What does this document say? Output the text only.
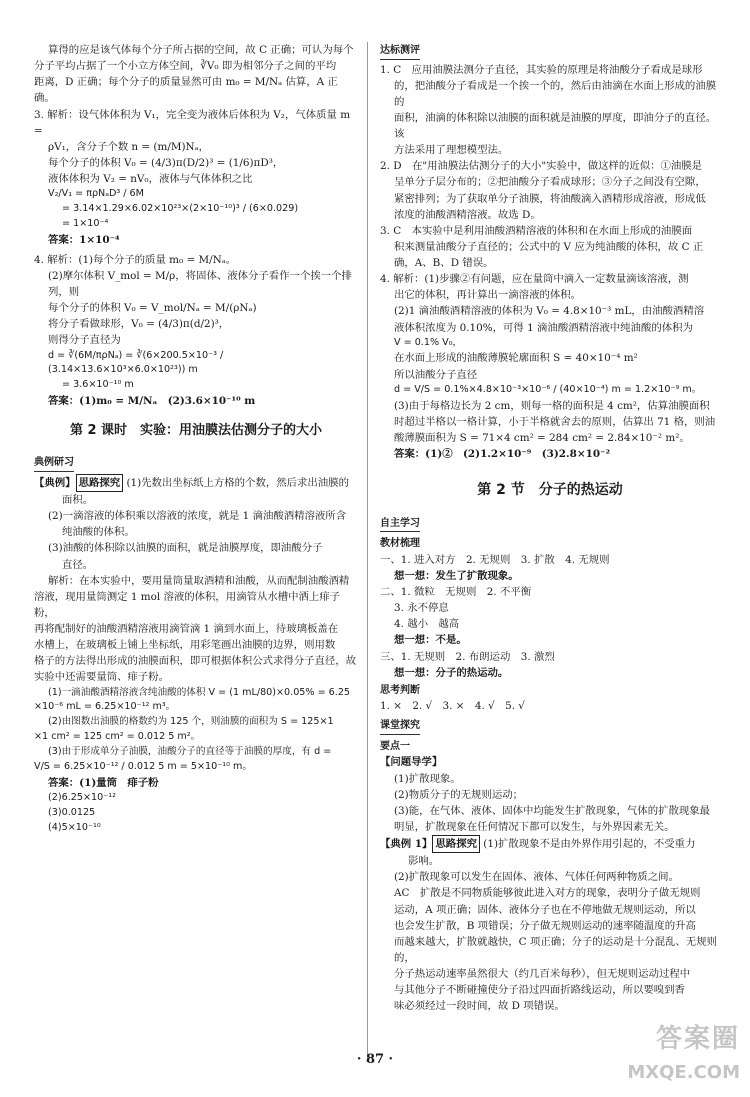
算得的应是该气体每个分子所占据的空间，故 C 正确；可认为每个

分子平均占据了一个小立方体空间，∛V₀ 即为相邻分子之间的平均

距离，D 正确；每个分子的质量显然可由 m₀ = M/Nₐ 估算，A 正确。

3. 解析：设气体体积为 V₁，完全变为液体后体积为 V₂，气体质量 m =

ρV₁，含分子个数 n = (m/M)Nₐ，

每个分子的体积 V₀ = (4/3)π(D/2)³ = (1/6)πD³，

液体体积为 V₂ = nV₀，液体与气体体积之比

V₂/V₁ = πρNₐD³ / 6M

= 3.14×1.29×6.02×10²³×(2×10⁻¹⁰)³ / (6×0.029)

= 1×10⁻⁴

答案：1×10⁻⁴

4. 解析：(1)每个分子的质量 m₀ = M/Nₐ。

(2)摩尔体积 V_mol = M/ρ，将固体、液体分子看作一个挨一个排列，则

每个分子的体积 V₀ = V_mol/Nₐ = M/(ρNₐ)

将分子看做球形，V₀ = (4/3)π(d/2)³，

则得分子直径为

d = ∛(6M/πρNₐ) = ∛(6×200.5×10⁻³ / (3.14×13.6×10³×6.0×10²³)) m

= 3.6×10⁻¹⁰ m

答案：(1)m₀ = M/Nₐ　(2)3.6×10⁻¹⁰ m

第 2 课时　实验：用油膜法估测分子的大小
典例研习

【典例】 思路探究 (1)先数出坐标纸上方格的个数，然后求出油膜的

面积。

(2)一滴溶液的体积乘以溶液的浓度，就是 1 滴油酸酒精溶液所含

纯油酸的体积。

(3)油酸的体积除以油膜的面积，就是油膜厚度，即油酸分子

直径。

解析：在本实验中，要用量筒量取酒精和油酸，从而配制油酸酒精

溶液，现用量筒测定 1 mol 溶液的体积，用滴管从水槽中洒上痱子粉，

再将配制好的油酸酒精溶液用滴管滴 1 滴到水面上，待玻璃板盖在

水槽上，在玻璃板上铺上坐标纸，用彩笔画出油膜的边界，则用数

格子的方法得出形成的油膜面积，即可根据体积公式求得分子直径，故

实验中还需要量筒、痱子粉。

(1)一滴油酸酒精溶液含纯油酸的体积 V = (1 mL/80)×0.05% = 6.25

×10⁻⁶ mL = 6.25×10⁻¹² m³。

(2)由图数出油膜的格数约为 125 个，则油膜的面积为 S = 125×1

×1 cm² = 125 cm² = 0.012 5 m²。

(3)由于形成单分子油膜，油酸分子的直径等于油膜的厚度，有 d =

V/S = 6.25×10⁻¹² / 0.012 5 m = 5×10⁻¹⁰ m。

答案：(1)量筒　痱子粉

(2)6.25×10⁻¹²

(3)0.0125

(4)5×10⁻¹⁰

达标测评

1. C　应用油膜法测分子直径，其实验的原理是将油酸分子看成是球形

的，把油酸分子看成是一个挨一个的，然后由油滴在水面上形成的油膜的

面积，油滴的体积除以油膜的面积就是油膜的厚度，即油分子的直径。该

方法采用了理想模型法。

2. D　在"用油膜法估测分子的大小"实验中，做这样的近似：①油膜是

呈单分子层分布的；②把油酸分子看成球形；③分子之间没有空隙，

紧密排列；为了获取单分子油膜，将油酸滴入酒精形成溶液，形成低

浓度的油酸酒精溶液。故选 D。

3. C　本实验中是利用油酸酒精溶液的体积和在水面上形成的油膜面

积来测量油酸分子直径的；公式中的 V 应为纯油酸的体积，故 C 正

确，A、B、D 错误。

4. 解析：(1)步骤②有问题，应在量筒中滴入一定数量滴该溶液，测

出它的体积，再计算出一滴溶液的体积。

(2)1 滴油酸酒精溶液的体积为 V₀ = 4.8×10⁻³ mL，由油酸酒精溶

液体积浓度为 0.10%，可得 1 滴油酸酒精溶液中纯油酸的体积为

V = 0.1% V₀，

在水面上形成的油酸薄膜轮廓面积 S = 40×10⁻⁴ m²

所以油酸分子直径

d = V/S = 0.1%×4.8×10⁻³×10⁻⁶ / (40×10⁻⁴) m = 1.2×10⁻⁹ m。

(3)由于每格边长为 2 cm，则每一格的面积是 4 cm²，估算油膜面积

时超过半格以一格计算，小于半格就舍去的原则，估算出 71 格，则油

酸薄膜面积为 S = 71×4 cm² = 284 cm² = 2.84×10⁻² m²。

答案：(1)②　(2)1.2×10⁻⁹　(3)2.8×10⁻²

第 2 节　分子的热运动
自主学习
教材梳理

一、1. 进入对方　2. 无规则　3. 扩散　4. 无规则

想一想：发生了扩散现象。

二、1. 微粒　无规则　2. 不平衡

3. 永不停息

4. 越小　越高

想一想：不是。

三、1. 无规则　2. 布朗运动　3. 激烈

想一想：分子的热运动。

思考判断

1. ×　2. √　3. ×　4. √　5. √

课堂探究
要点一

【问题导学】

(1)扩散现象。

(2)物质分子的无规则运动；

(3)能，在气体、液体、固体中均能发生扩散现象，气体的扩散现象最

明显，扩散现象在任何情况下都可以发生，与外界因素无关。

【典例 1】 思路探究 (1)扩散现象不是由外界作用引起的，不受重力

影响。

(2)扩散现象可以发生在固体、液体、气体任何两种物质之间。

AC　扩散是不同物质能够彼此进入对方的现象，表明分子做无规则

运动，A 项正确；固体、液体分子也在不停地做无规则运动，所以

也会发生扩散，B 项错误；分子做无规则运动的速率随温度的升高

而越来越大，扩散就越快，C 项正确；分子的运动是十分混乱、无规则的，

分子热运动速率虽然很大（约几百米每秒），但无规则运动过程中

与其他分子不断碰撞使分子沿过四面折路线运动，所以要嗅到香

味必须经过一段时间，故 D 项错误。

· 87 ·
答案圈
MXQE.COM
